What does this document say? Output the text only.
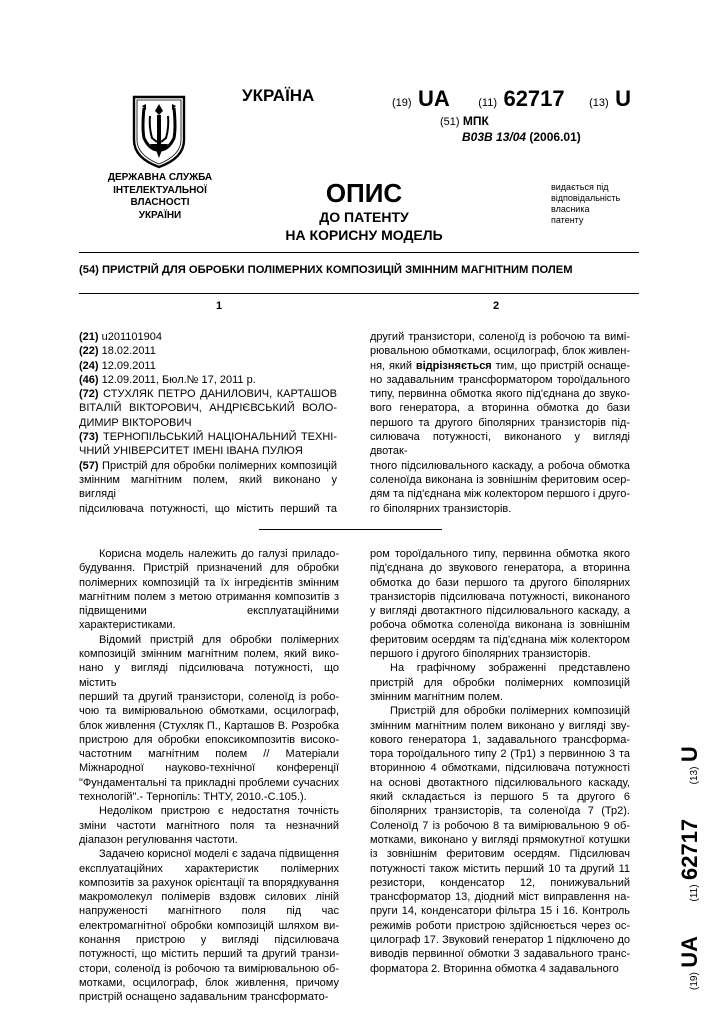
ДЕРЖАВНА СЛУЖБА
ІНТЕЛЕКТУАЛЬНОЇ
ВЛАСНОСТІ
УКРАЇНИ
УКРАЇНА	(19) UA	(11) 62717 (13) U
(51) МПК
B03B 13/04 (2006.01)
ОПИС
ДО ПАТЕНТУ
НА КОРИСНУ МОДЕЛЬ
видається під
відповідальність
власника
патенту
(54) ПРИСТРІЙ ДЛЯ ОБРОБКИ ПОЛІМЕРНИХ КОМПОЗИЦІЙ ЗМІННИМ МАГНІТНИМ ПОЛЕМ
1	2
(21) u201101904
(22) 18.02.2011
(24) 12.09.2011
(46) 12.09.2011, Бюл.№ 17, 2011 р.
(72) СТУХЛЯК ПЕТРО ДАНИЛОВИЧ, КАРТАШОВ
ВІТАЛІЙ ВІКТОРОВИЧ, АНДРІЄВСЬКИЙ ВОЛО-
ДИМИР ВІКТОРОВИЧ
(73) ТЕРНОПІЛЬСЬКИЙ НАЦІОНАЛЬНИЙ ТЕХНІ-
ЧНИЙ УНІВЕРСИТЕТ ІМЕНІ ІВАНА ПУЛЮЯ
(57) Пристрій для обробки полімерних композицій
змінним магнітним полем, який виконано у вигляді
підсилювача потужності, що містить перший та
другий транзистори, соленоїд із робочою та вимі-
рювальною обмотками, осцилограф, блок живлен-
ня, який відрізняється тим, що пристрій оснаще-
но задавальним трансформатором тороїдального
типу, первинна обмотка якого під'єднана до звуко-
вого генератора, а вторинна обмотка до бази
першого та другого біполярних транзисторів під-
силювача потужності, виконаного у вигляді двотак-
тного підсилювального каскаду, а робоча обмотка
соленоїда виконана із зовнішнім феритовим осер-
дям та під'єднана між колектором першого і друго-
го біполярних транзисторів.
Корисна модель належить до галузі приладо-
будування. Пристрій призначений для обробки
полімерних композицій та їх інгредієнтів змінним
магнітним полем з метою отримання композитів з
підвищеними експлуатаційними характеристиками.
Відомий пристрій для обробки полімерних
композицій змінним магнітним полем, який вико-
нано у вигляді підсилювача потужності, що містить
перший та другий транзистори, соленоїд із робо-
чою та вимірювальною обмотками, осцилограф,
блок живлення (Стухляк П., Карташов В. Розробка
пристрою для обробки епоксикомпозитів високо-
частотним магнітним полем // Матеріали
Міжнародної науково-технічної конференції
"Фундаментальні та прикладні проблеми сучасних
технологій".- Тернопіль: ТНТУ, 2010.-С.105.).
Недоліком пристрою є недостатня точність
зміни частоти магнітного поля та незначний
діапазон регулювання частоти.
Задачею корисної моделі є задача підвищення
експлуатаційних характеристик полімерних
композитів за рахунок орієнтації та впорядкування
макромолекул полімерів вздовж силових ліній
напруженості магнітного поля під час
електромагнітної обробки композицій шляхом ви-
конання пристрою у вигляді підсилювача
потужності, що містить перший та другий транзи-
стори, соленоїд із робочою та вимірювальною об-
мотками, осцилограф, блок живлення, причому
пристрій оснащено задавальним трансформато-
ром тороїдального типу, первинна обмотка якого
під'єднана до звукового генератора, а вторинна
обмотка до бази першого та другого біполярних
транзисторів підсилювача потужності, виконаного
у вигляді двотактного підсилювального каскаду, а
робоча обмотка соленоїда виконана із зовнішнім
феритовим осердям та під'єднана між колектором
першого і другого біполярних транзисторів.
На графічному зображенні представлено
пристрій для обробки полімерних композицій
змінним магнітним полем.
Пристрій для обробки полімерних композицій
змінним магнітним полем виконано у вигляді зву-
кового генератора 1, задавального трансформа-
тора тороїдального типу 2 (Тр1) з первинною 3 та
вторинною 4 обмотками, підсилювача потужності
на основі двотактного підсилювального каскаду,
який складається із першого 5 та другого 6
біполярних транзисторів, та соленоїда 7 (Тр2).
Соленоїд 7 із робочою 8 та вимірювальною 9 об-
мотками, виконано у вигляді прямокутної котушки
із зовнішнім феритовим осердям. Підсилювач
потужності також містить перший 10 та другий 11
резистори, конденсатор 12, понижувальний
трансформатор 13, діодний міст виправлення на-
пруги 14, конденсатори фільтра 15 і 16. Контроль
режимів роботи пристрою здійснюється через ос-
цилограф 17. Звуковий генератор 1 підключено до
виводів первинної обмотки 3 задавального транс-
форматора 2. Вторинна обмотка 4 задавального
(19) UA (11) 62717 (13) U
